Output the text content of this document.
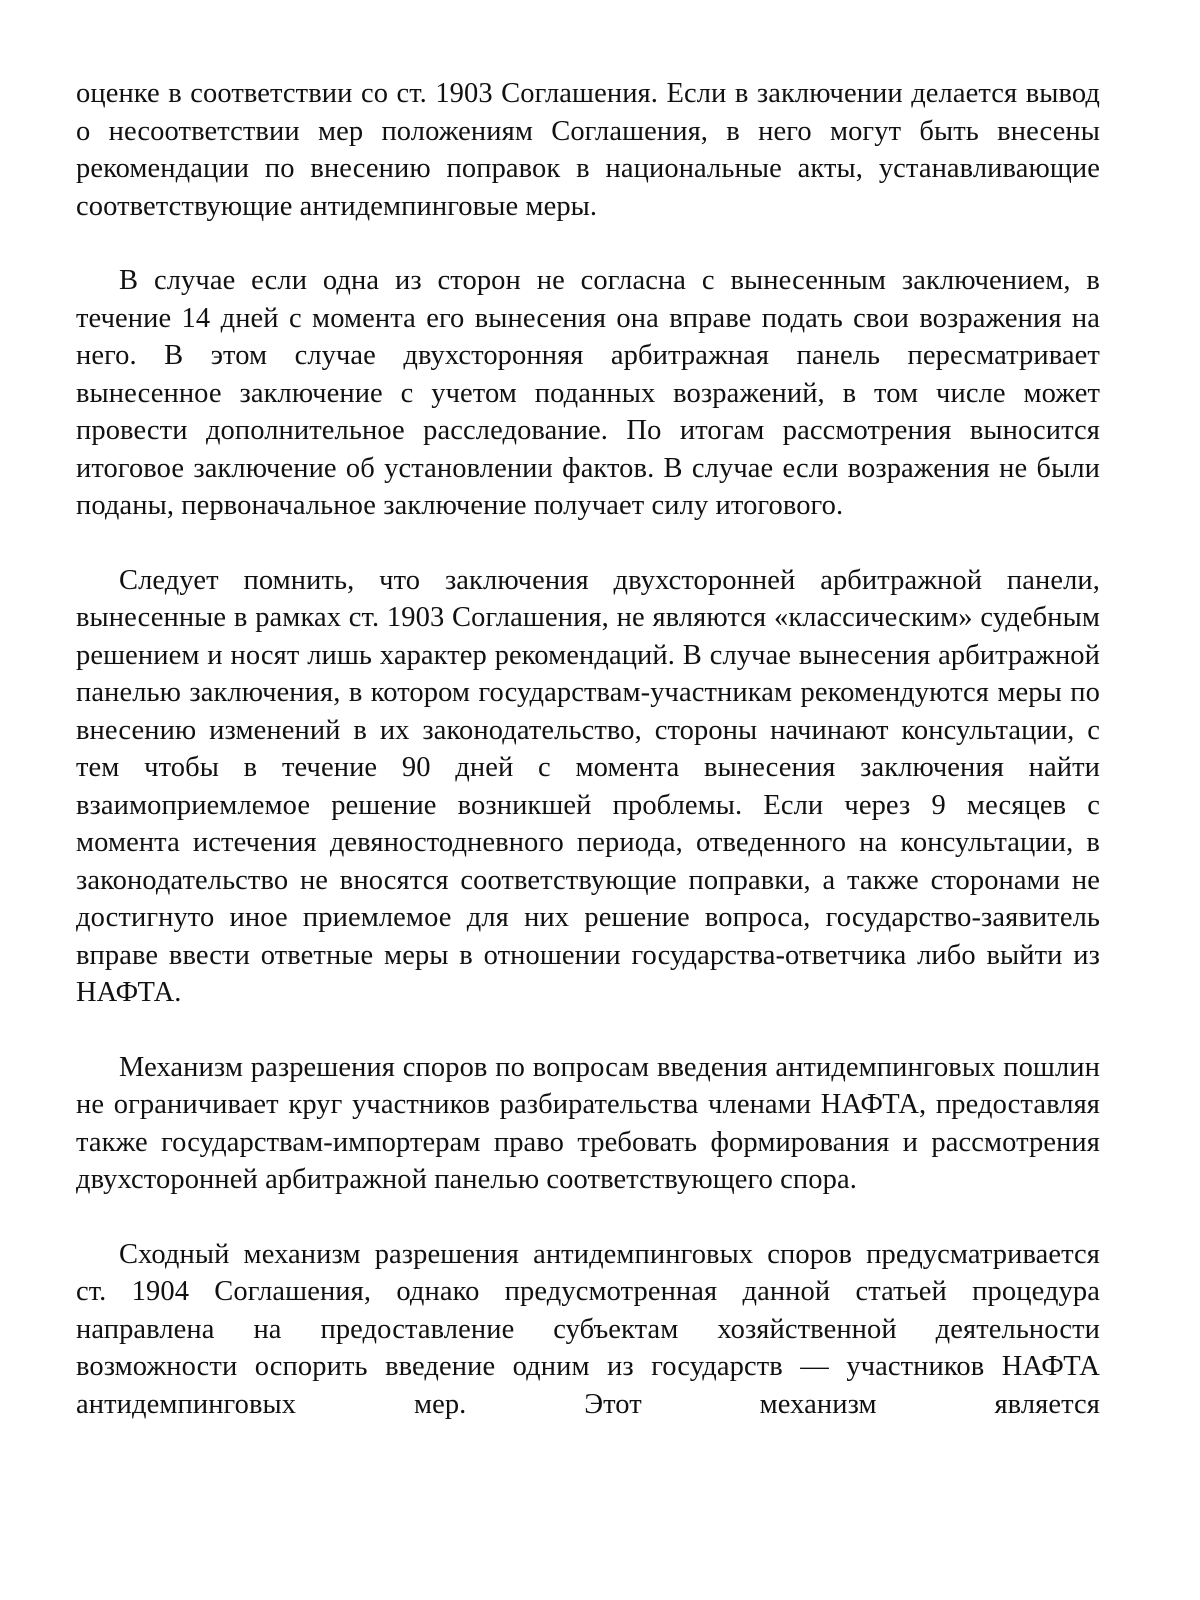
оценке в соответствии со ст. 1903 Соглашения. Если в заключении делается вывод о несоответствии мер положениям Соглашения, в него могут быть внесены рекомендации по внесению поправок в национальные акты, устанавливающие соответствующие антидемпинговые меры.

В случае если одна из сторон не согласна с вынесенным заключением, в течение 14 дней с момента его вынесения она вправе подать свои возражения на него. В этом случае двухсторонняя арбитражная панель пересматривает вынесенное заключение с учетом поданных возражений, в том числе может провести дополнительное расследование. По итогам рассмотрения выносится итоговое заключение об установлении фактов. В случае если возражения не были поданы, первоначальное заключение получает силу итогового.

Следует помнить, что заключения двухсторонней арбитражной панели, вынесенные в рамках ст. 1903 Соглашения, не являются «классическим» судебным решением и носят лишь характер рекомендаций. В случае вынесения арбитражной панелью заключения, в котором государствам-участникам рекомендуются меры по внесению изменений в их законодательство, стороны начинают консультации, с тем чтобы в течение 90 дней с момента вынесения заключения найти взаимоприемлемое решение возникшей проблемы. Если через 9 месяцев с момента истечения девяностодневного периода, отведенного на консультации, в законодательство не вносятся соответствующие поправки, а также сторонами не достигнуто иное приемлемое для них решение вопроса, государство-заявитель вправе ввести ответные меры в отношении государства-ответчика либо выйти из НАФТА.

Механизм разрешения споров по вопросам введения антидемпинговых пошлин не ограничивает круг участников разбирательства членами НАФТА, предоставляя также государствам-импортерам право требовать формирования и рассмотрения двухсторонней арбитражной панелью соответствующего спора.

Сходный механизм разрешения антидемпинговых споров предусматривается ст. 1904 Соглашения, однако предусмотренная данной статьей процедура направлена на предоставление субъектам хозяйственной деятельности возможности оспорить введение одним из государств — участников НАФТА антидемпинговых мер. Этот механизм является
